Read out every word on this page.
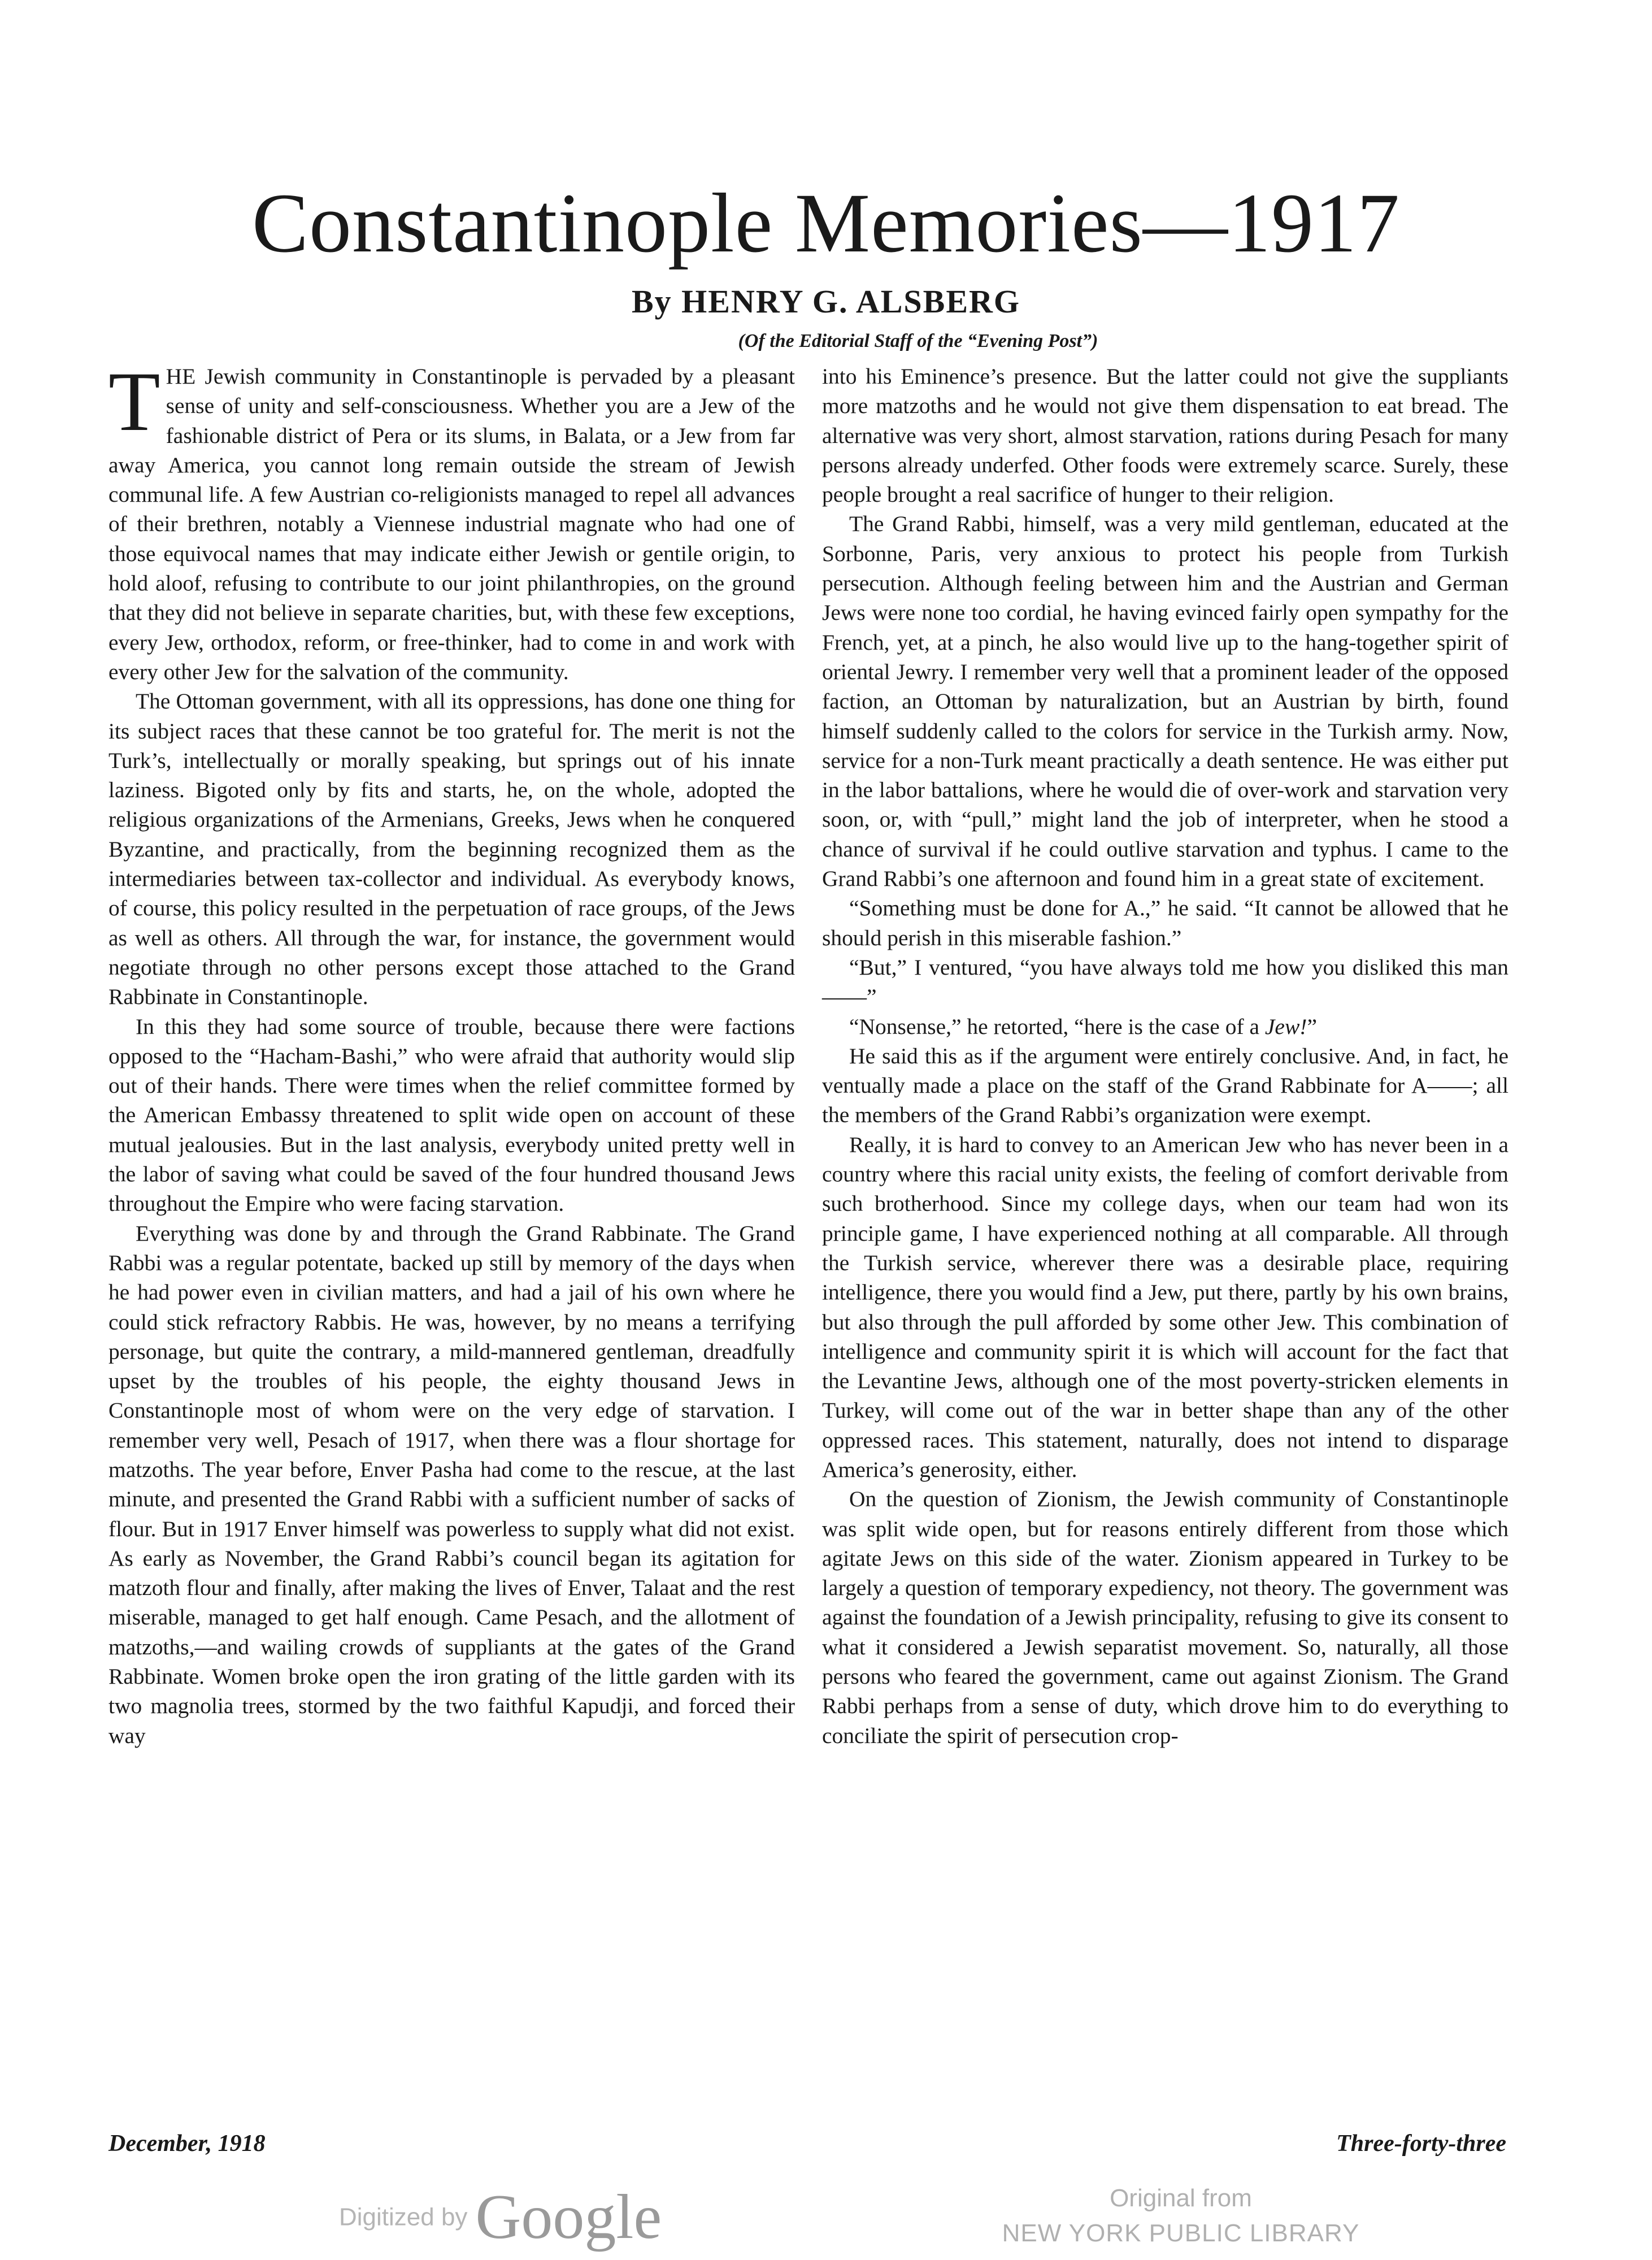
Constantinople Memories—1917
By HENRY G. ALSBERG
(Of the Editorial Staff of the “Evening Post”)

THE Jewish community in Constantinople is pervaded by a pleasant sense of unity and self-consciousness. Whether you are a Jew of the fashionable district of Pera or its slums, in Balata, or a Jew from far away America, you cannot long remain outside the stream of Jewish communal life. A few Austrian co-religionists managed to repel all advances of their brethren, notably a Viennese industrial magnate who had one of those equivocal names that may indicate either Jewish or gentile origin, to hold aloof, refusing to contribute to our joint philanthropies, on the ground that they did not believe in separate charities, but, with these few exceptions, every Jew, orthodox, reform, or free-thinker, had to come in and work with every other Jew for the salvation of the community.

The Ottoman government, with all its oppressions, has done one thing for its subject races that these cannot be too grateful for. The merit is not the Turk’s, intellectually or morally speaking, but springs out of his innate laziness. Bigoted only by fits and starts, he, on the whole, adopted the religious organizations of the Armenians, Greeks, Jews when he conquered Byzantine, and practically, from the beginning recognized them as the intermediaries between tax-collector and individual. As everybody knows, of course, this policy resulted in the perpetuation of race groups, of the Jews as well as others. All through the war, for instance, the government would negotiate through no other persons except those attached to the Grand Rabbinate in Constantinople.

In this they had some source of trouble, because there were factions opposed to the “Hacham-Bashi,” who were afraid that authority would slip out of their hands. There were times when the relief committee formed by the American Embassy threatened to split wide open on account of these mutual jealousies. But in the last analysis, everybody united pretty well in the labor of saving what could be saved of the four hundred thousand Jews throughout the Empire who were facing starvation.

Everything was done by and through the Grand Rabbinate. The Grand Rabbi was a regular potentate, backed up still by memory of the days when he had power even in civilian matters, and had a jail of his own where he could stick refractory Rabbis. He was, however, by no means a terrifying personage, but quite the contrary, a mild-mannered gentleman, dreadfully upset by the troubles of his people, the eighty thousand Jews in Constantinople most of whom were on the very edge of starvation. I remember very well, Pesach of 1917, when there was a flour shortage for matzoths. The year before, Enver Pasha had come to the rescue, at the last minute, and presented the Grand Rabbi with a sufficient number of sacks of flour. But in 1917 Enver himself was powerless to supply what did not exist. As early as November, the Grand Rabbi’s council began its agitation for matzoth flour and finally, after making the lives of Enver, Talaat and the rest miserable, managed to get half enough. Came Pesach, and the allotment of matzoths,—and wailing crowds of suppliants at the gates of the Grand Rabbinate. Women broke open the iron grating of the little garden with its two magnolia trees, stormed by the two faithful Kapudji, and forced their way

into his Eminence’s presence. But the latter could not give the suppliants more matzoths and he would not give them dispensation to eat bread. The alternative was very short, almost starvation, rations during Pesach for many persons already underfed. Other foods were extremely scarce. Surely, these people brought a real sacrifice of hunger to their religion.

The Grand Rabbi, himself, was a very mild gentleman, educated at the Sorbonne, Paris, very anxious to protect his people from Turkish persecution. Although feeling between him and the Austrian and German Jews were none too cordial, he having evinced fairly open sympathy for the French, yet, at a pinch, he also would live up to the hang-together spirit of oriental Jewry. I remember very well that a prominent leader of the opposed faction, an Ottoman by naturalization, but an Austrian by birth, found himself suddenly called to the colors for service in the Turkish army. Now, service for a non-Turk meant practically a death sentence. He was either put in the labor battalions, where he would die of over-work and starvation very soon, or, with “pull,” might land the job of interpreter, when he stood a chance of survival if he could outlive starvation and typhus. I came to the Grand Rabbi’s one afternoon and found him in a great state of excitement.

“Something must be done for A.,” he said. “It cannot be allowed that he should perish in this miserable fashion.”

“But,” I ventured, “you have always told me how you disliked this man——”

“Nonsense,” he retorted, “here is the case of a Jew!”

He said this as if the argument were entirely conclusive. And, in fact, he ventually made a place on the staff of the Grand Rabbinate for A——; all the members of the Grand Rabbi’s organization were exempt.

Really, it is hard to convey to an American Jew who has never been in a country where this racial unity exists, the feeling of comfort derivable from such brotherhood. Since my college days, when our team had won its principle game, I have experienced nothing at all comparable. All through the Turkish service, wherever there was a desirable place, requiring intelligence, there you would find a Jew, put there, partly by his own brains, but also through the pull afforded by some other Jew. This combination of intelligence and community spirit it is which will account for the fact that the Levantine Jews, although one of the most poverty-stricken elements in Turkey, will come out of the war in better shape than any of the other oppressed races. This statement, naturally, does not intend to disparage America’s generosity, either.

On the question of Zionism, the Jewish community of Constantinople was split wide open, but for reasons entirely different from those which agitate Jews on this side of the water. Zionism appeared in Turkey to be largely a question of temporary expediency, not theory. The government was against the foundation of a Jewish principality, refusing to give its consent to what it considered a Jewish separatist movement. So, naturally, all those persons who feared the government, came out against Zionism. The Grand Rabbi perhaps from a sense of duty, which drove him to do everything to conciliate the spirit of persecution crop-

December, 1918	Three-forty-three
Digitized by Google	Original from
NEW YORK PUBLIC LIBRARY
